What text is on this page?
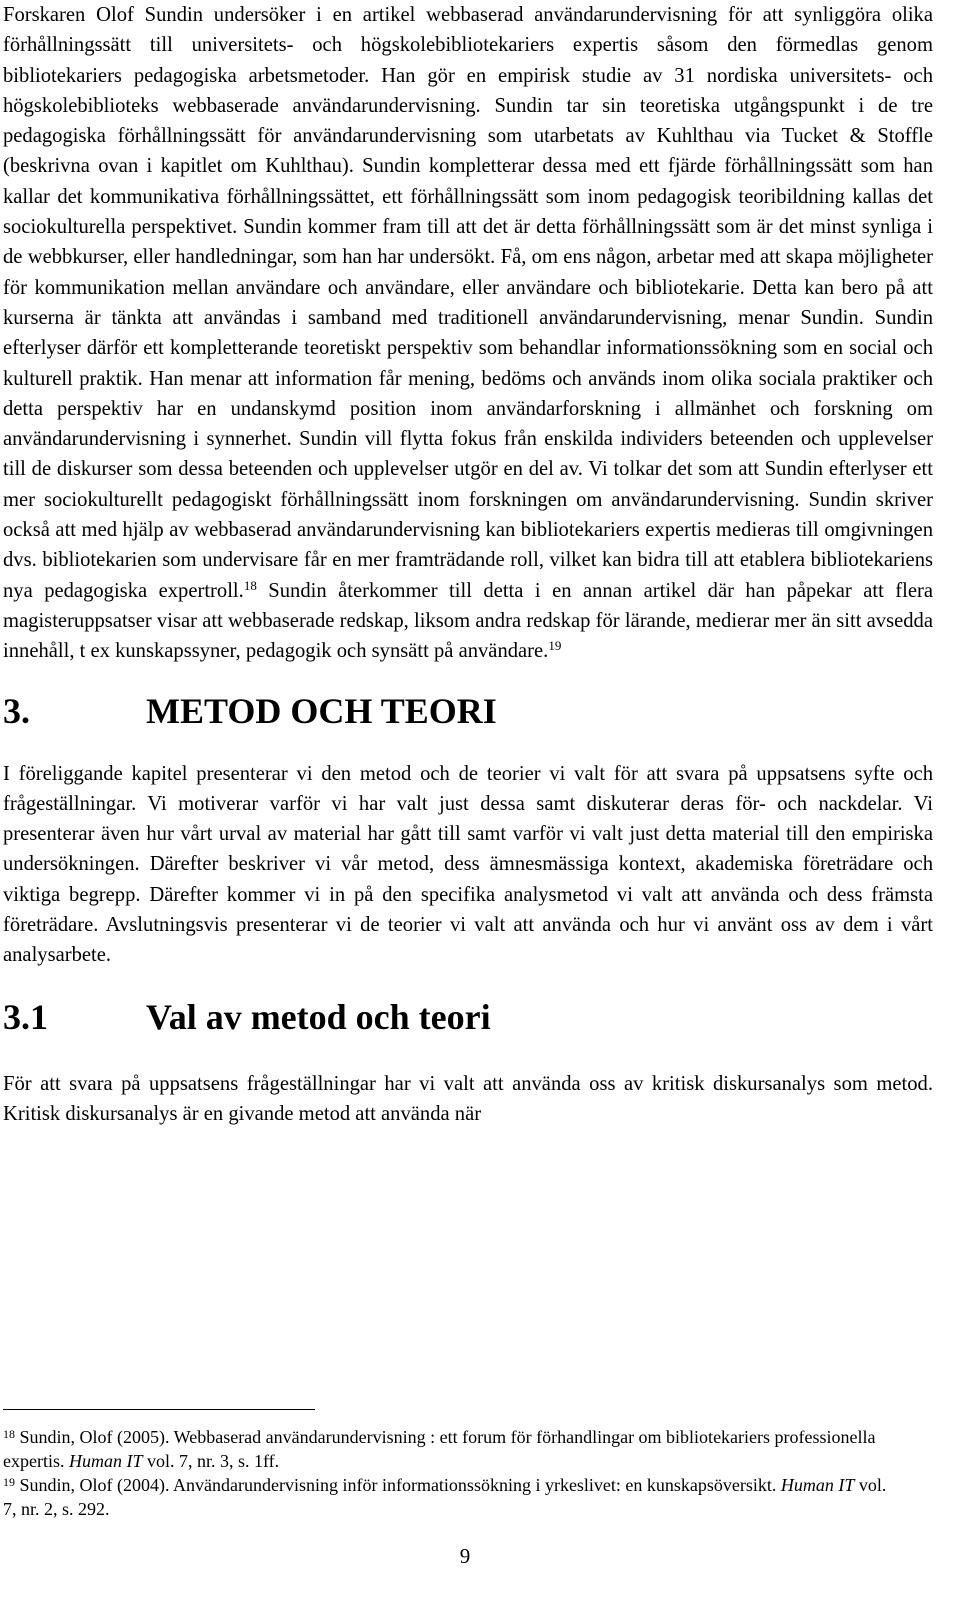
Forskaren Olof Sundin undersöker i en artikel webbaserad användarundervisning för att synliggöra olika förhållningssätt till universitets- och högskolebibliotekariers expertis såsom den förmedlas genom bibliotekariers pedagogiska arbetsmetoder. Han gör en empirisk studie av 31 nordiska universitets- och högskolebiblioteks webbaserade användarundervisning. Sundin tar sin teoretiska utgångspunkt i de tre pedagogiska förhållningssätt för användarundervisning som utarbetats av Kuhlthau via Tucket & Stoffle (beskrivna ovan i kapitlet om Kuhlthau). Sundin kompletterar dessa med ett fjärde förhållningssätt som han kallar det kommunikativa förhållningssättet, ett förhållningssätt som inom pedagogisk teoribildning kallas det sociokulturella perspektivet. Sundin kommer fram till att det är detta förhållningssätt som är det minst synliga i de webbkurser, eller handledningar, som han har undersökt. Få, om ens någon, arbetar med att skapa möjligheter för kommunikation mellan användare och användare, eller användare och bibliotekarie. Detta kan bero på att kurserna är tänkta att användas i samband med traditionell användarundervisning, menar Sundin. Sundin efterlyser därför ett kompletterande teoretiskt perspektiv som behandlar informationssökning som en social och kulturell praktik. Han menar att information får mening, bedöms och används inom olika sociala praktiker och detta perspektiv har en undanskymd position inom användarforskning i allmänhet och forskning om användarundervisning i synnerhet. Sundin vill flytta fokus från enskilda individers beteenden och upplevelser till de diskurser som dessa beteenden och upplevelser utgör en del av. Vi tolkar det som att Sundin efterlyser ett mer sociokulturellt pedagogiskt förhållningssätt inom forskningen om användarundervisning. Sundin skriver också att med hjälp av webbaserad användarundervisning kan bibliotekariers expertis medieras till omgivningen dvs. bibliotekarien som undervisare får en mer framträdande roll, vilket kan bidra till att etablera bibliotekariens nya pedagogiska expertroll.$^{18}$ Sundin återkommer till detta i en annan artikel där han påpekar att flera magisteruppsatser visar att webbaserade redskap, liksom andra redskap för lärande, medierar mer än sitt avsedda innehåll, t ex kunskapssyner, pedagogik och synsätt på användare.$^{19}$

3.	METOD OCH TEORI

I föreliggande kapitel presenterar vi den metod och de teorier vi valt för att svara på uppsatsens syfte och frågeställningar. Vi motiverar varför vi har valt just dessa samt diskuterar deras för- och nackdelar. Vi presenterar även hur vårt urval av material har gått till samt varför vi valt just detta material till den empiriska undersökningen. Därefter beskriver vi vår metod, dess ämnesmässiga kontext, akademiska företrädare och viktiga begrepp. Därefter kommer vi in på den specifika analysmetod vi valt att använda och dess främsta företrädare. Avslutningsvis presenterar vi de teorier vi valt att använda och hur vi använt oss av dem i vårt analysarbete.

3.1	Val av metod och teori

För att svara på uppsatsens frågeställningar har vi valt att använda oss av kritisk diskursanalys som metod. Kritisk diskursanalys är en givande metod att använda när

$^{18}$ Sundin, Olof (2005). Webbaserad användarundervisning : ett forum för förhandlingar om bibliotekariers professionella expertis. Human IT vol. 7, nr. 3, s. 1ff.

$^{19}$ Sundin, Olof (2004). Användarundervisning inför informationssökning i yrkeslivet: en kunskapsöversikt. Human IT vol. 7, nr. 2, s. 292.

9
